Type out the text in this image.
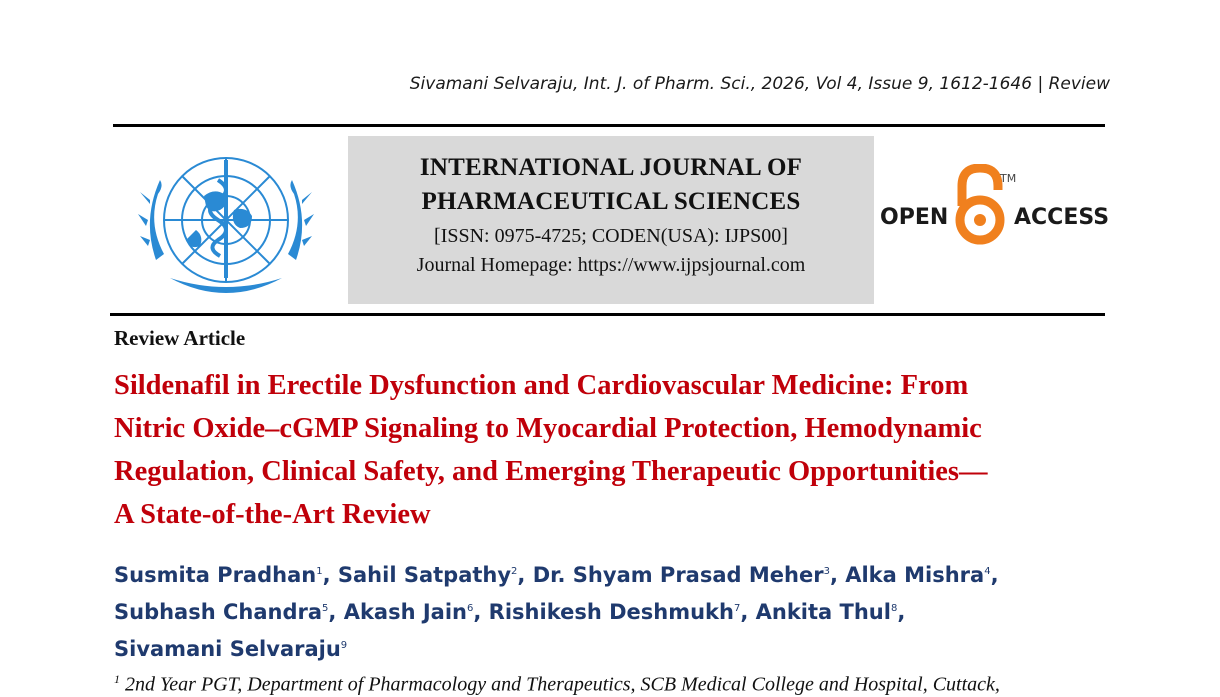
Sivamani Selvaraju, Int. J. of Pharm. Sci., 2026, Vol 4, Issue 9, 1612-1646 | Review
INTERNATIONAL JOURNAL OF
PHARMACEUTICAL SCIENCES
[ISSN: 0975-4725; CODEN(USA): IJPS00]
Journal Homepage: https://www.ijpsjournal.com
OPEN
TM
ACCESS
Review Article
Sildenafil in Erectile Dysfunction and Cardiovascular Medicine: From
Nitric Oxide–cGMP Signaling to Myocardial Protection, Hemodynamic
Regulation, Clinical Safety, and Emerging Therapeutic Opportunities—
A State-of-the-Art Review
Susmita Pradhan$^1$, Sahil Satpathy$^2$, Dr. Shyam Prasad Meher$^3$, Alka Mishra$^4$,
Subhash Chandra$^5$, Akash Jain$^6$, Rishikesh Deshmukh$^7$, Ankita Thul$^8$,
Sivamani Selvaraju$^9$
$^1$ 2nd Year PGT, Department of Pharmacology and Therapeutics, SCB Medical College and Hospital, Cuttack,
